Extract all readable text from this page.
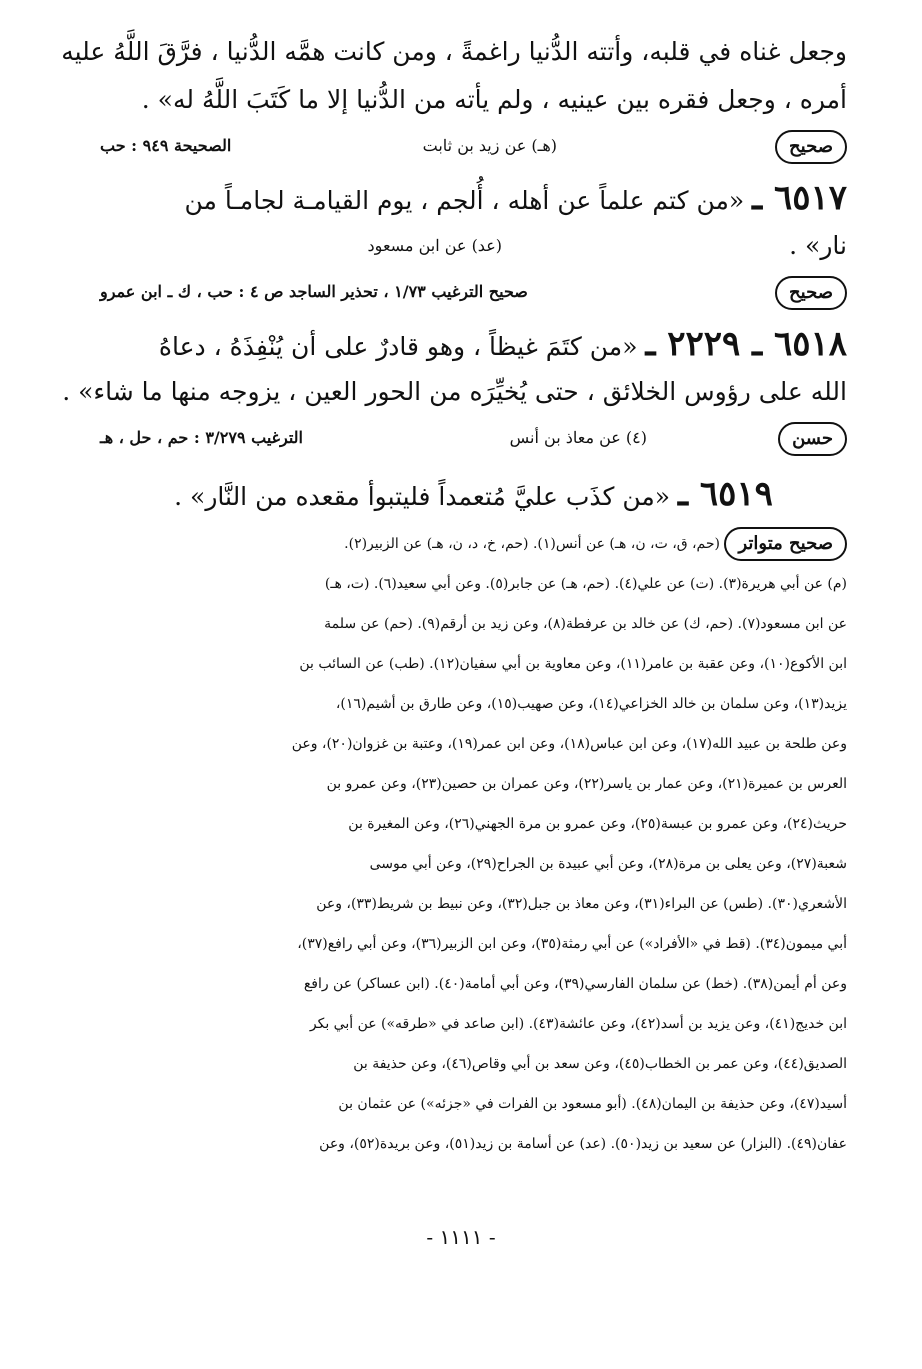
وجعل غناه في قلبه، وأتته الدُّنيا راغمةً ، ومن كانت همَّه الدُّنيا ، فرَّقَ اللَّهُ عليه
أمره ، وجعل فقره بين عينيه ، ولم يأته من الدُّنيا إلا ما كَتَبَ اللَّهُ له» .
صحيح
(هـ) عن زيد بن ثابت
الصحيحة ٩٤٩ : حب
٦٥١٧ ـ «من كتم علماً عن أهله ، أُلجم ، يوم القيامـة لجامـاً من
نار» .
(عد) عن ابن مسعود
صحيح
صحيح الترغيب ١/٧٣ ، تحذير الساجد ص ٤ : حب ، ك ـ ابن عمرو
٦٥١٨ ـ ٢٢٢٩ ـ «من كتَمَ غيظاً ، وهو قادرٌ على أن يُنْفِذَهُ ، دعاهُ
الله على رؤوس الخلائق ، حتى يُخيِّرَه من الحور العين ، يزوجه منها ما شاء» .
حسن
(٤) عن معاذ بن أنس
الترغيب ٣/٢٧٩ : حم ، حل ، هـ
٦٥١٩ ـ «من كذَب عليَّ مُتعمداً فليتبوأ مقعده من النَّار» .
صحيح متواتر (حم، ق، ت، ن، هـ) عن أنس(١). (حم، خ، د، ن، هـ) عن الزبير(٢).
(م) عن أبي هريرة(٣). (ت) عن علي(٤). (حم، هـ) عن جابر(٥). وعن أبي سعيد(٦). (ت، هـ)
عن ابن مسعود(٧). (حم، ك) عن خالد بن عرفطة(٨)، وعن زيد بن أرقم(٩). (حم) عن سلمة
ابن الأكوع(١٠)، وعن عقبة بن عامر(١١)، وعن معاوية بن أبي سفيان(١٢). (طب) عن السائب بن
يزيد(١٣)، وعن سلمان بن خالد الخزاعي(١٤)، وعن صهيب(١٥)، وعن طارق بن أشيم(١٦)،
وعن طلحة بن عبيد الله(١٧)، وعن ابن عباس(١٨)، وعن ابن عمر(١٩)، وعتبة بن غزوان(٢٠)، وعن
العرس بن عميرة(٢١)، وعن عمار بن ياسر(٢٢)، وعن عمران بن حصين(٢٣)، وعن عمرو بن
حريث(٢٤)، وعن عمرو بن عبسة(٢٥)، وعن عمرو بن مرة الجهني(٢٦)، وعن المغيرة بن
شعبة(٢٧)، وعن يعلى بن مرة(٢٨)، وعن أبي عبيدة بن الجراح(٢٩)، وعن أبي موسى
الأشعري(٣٠). (طس) عن البراء(٣١)، وعن معاذ بن جبل(٣٢)، وعن نبيط بن شريط(٣٣)، وعن
أبي ميمون(٣٤). (قط في «الأفراد») عن أبي رمثة(٣٥)، وعن ابن الزبير(٣٦)، وعن أبي رافع(٣٧)،
وعن أم أيمن(٣٨). (خط) عن سلمان الفارسي(٣٩)، وعن أبي أمامة(٤٠). (ابن عساكر) عن رافع
ابن خديج(٤١)، وعن يزيد بن أسد(٤٢)، وعن عائشة(٤٣). (ابن صاعد في «طرقه») عن أبي بكر
الصديق(٤٤)، وعن عمر بن الخطاب(٤٥)، وعن سعد بن أبي وقاص(٤٦)، وعن حذيفة بن
أسيد(٤٧)، وعن حذيفة بن اليمان(٤٨). (أبو مسعود بن الفرات في «جزئه») عن عثمان بن
عفان(٤٩). (البزار) عن سعيد بن زيد(٥٠). (عد) عن أسامة بن زيد(٥١)، وعن بريدة(٥٢)، وعن
- ١١١١ -
